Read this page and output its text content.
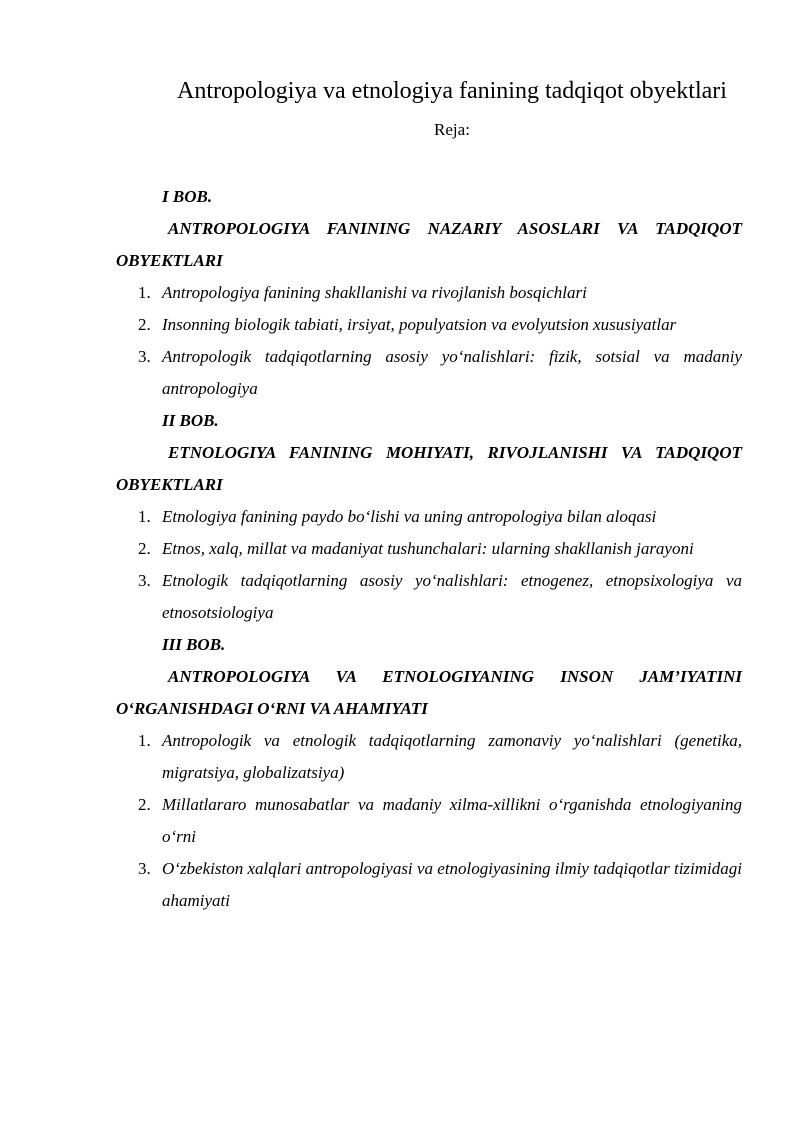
Antropologiya va etnologiya fanining tadqiqot obyektlari
Reja:

I BOB.

ANTROPOLOGIYA FANINING NAZARIY ASOSLARI VA TADQIQOT OBYEKTLARI

1. Antropologiya fanining shakllanishi va rivojlanish bosqichlari
2. Insonning biologik tabiati, irsiyat, populyatsion va evolyutsion xususiyatlar
3. Antropologik tadqiqotlarning asosiy yo‘nalishlari: fizik, sotsial va madaniy antropologiya

II BOB.

ETNOLOGIYA FANINING MOHIYATI, RIVOJLANISHI VA TADQIQOT OBYEKTLARI

1. Etnologiya fanining paydo bo‘lishi va uning antropologiya bilan aloqasi
2. Etnos, xalq, millat va madaniyat tushunchalari: ularning shakllanish jarayoni
3. Etnologik tadqiqotlarning asosiy yo‘nalishlari: etnogenez, etnopsixologiya va etnosotsiologiya

III BOB.

ANTROPOLOGIYA VA ETNOLOGIYANING INSON JAM’IYATINI O‘RGANISHDAGI O‘RNI VA AHAMIYATI

1. Antropologik va etnologik tadqiqotlarning zamonaviy yo‘nalishlari (genetika, migratsiya, globalizatsiya)
2. Millatlararo munosabatlar va madaniy xilma-xillikni o‘rganishda etnologiyaning o‘rni
3. O‘zbekiston xalqlari antropologiyasi va etnologiyasining ilmiy tadqiqotlar tizimidagi ahamiyati
